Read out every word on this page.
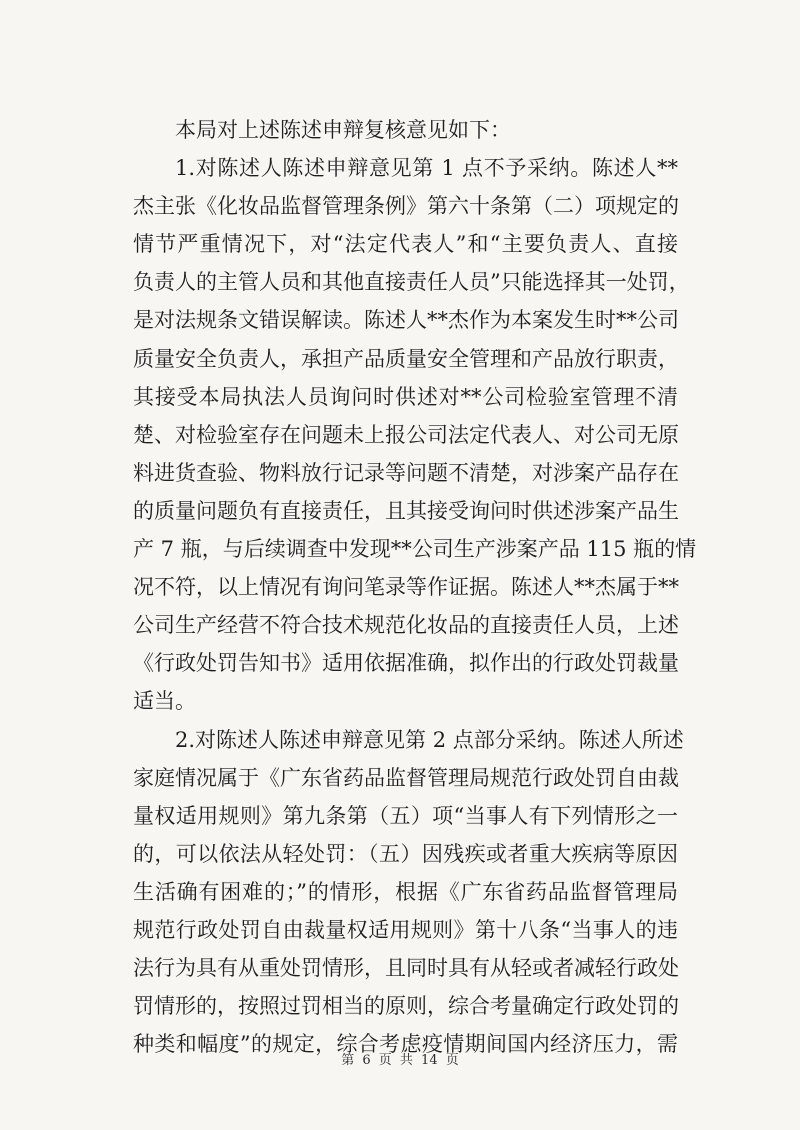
本局对上述陈述申辩复核意见如下：
1.对陈述人陈述申辩意见第 1 点不予采纳。陈述人**
杰主张《化妆品监督管理条例》第六十条第（二）项规定的
情节严重情况下，对“法定代表人”和“主要负责人、直接
负责人的主管人员和其他直接责任人员”只能选择其一处罚，
是对法规条文错误解读。陈述人**杰作为本案发生时**公司
质量安全负责人，承担产品质量安全管理和产品放行职责，
其接受本局执法人员询问时供述对**公司检验室管理不清
楚、对检验室存在问题未上报公司法定代表人、对公司无原
料进货查验、物料放行记录等问题不清楚，对涉案产品存在
的质量问题负有直接责任，且其接受询问时供述涉案产品生
产 7 瓶，与后续调查中发现**公司生产涉案产品 115 瓶的情
况不符，以上情况有询问笔录等作证据。陈述人**杰属于**
公司生产经营不符合技术规范化妆品的直接责任人员，上述
《行政处罚告知书》适用依据准确，拟作出的行政处罚裁量
适当。
2.对陈述人陈述申辩意见第 2 点部分采纳。陈述人所述
家庭情况属于《广东省药品监督管理局规范行政处罚自由裁
量权适用规则》第九条第（五）项“当事人有下列情形之一
的，可以依法从轻处罚：（五）因残疾或者重大疾病等原因
生活确有困难的；”的情形，根据《广东省药品监督管理局
规范行政处罚自由裁量权适用规则》第十八条“当事人的违
法行为具有从重处罚情形，且同时具有从轻或者减轻行政处
罚情形的，按照过罚相当的原则，综合考量确定行政处罚的
种类和幅度”的规定，综合考虑疫情期间国内经济压力，需
第 6 页 共 14 页
